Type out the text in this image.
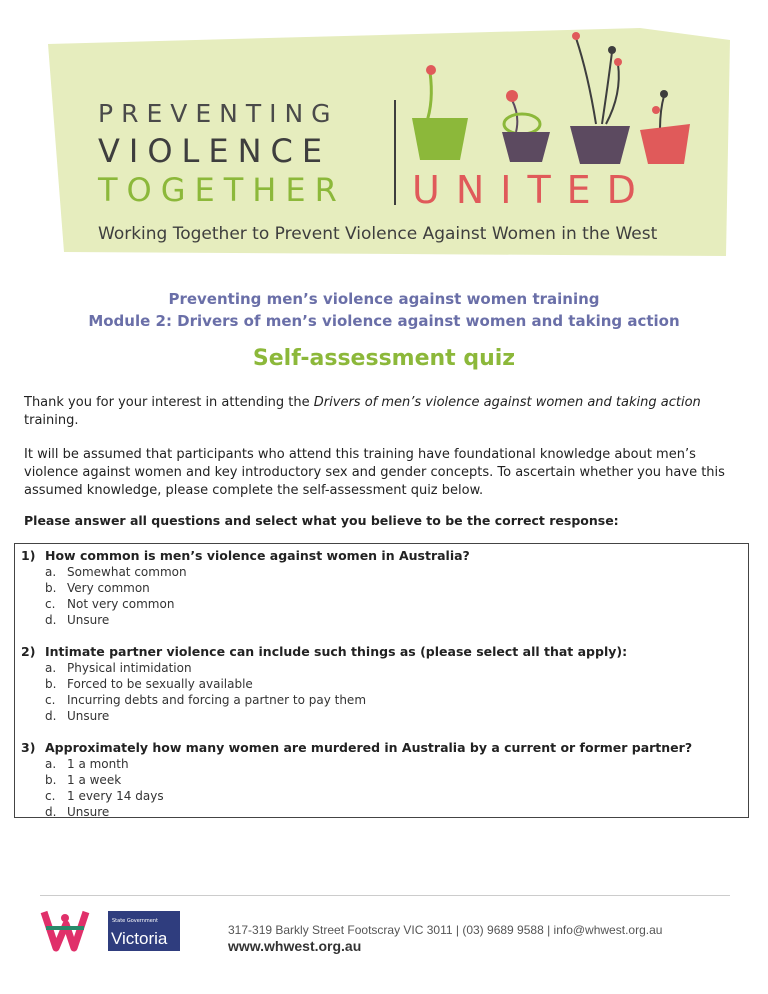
PREVENTING
VIOLENCE
TOGETHER UNITED
Working Together to Prevent Violence Against Women in the West
Preventing men’s violence against women training
Module 2: Drivers of men’s violence against women and taking action
Self-assessment quiz
Thank you for your interest in attending the Drivers of men’s violence against women and taking action training.
It will be assumed that participants who attend this training have foundational knowledge about men’s violence against women and key introductory sex and gender concepts. To ascertain whether you have this assumed knowledge, please complete the self-assessment quiz below.
Please answer all questions and select what you believe to be the correct response:
1) How common is men’s violence against women in Australia?
a. Somewhat common
b. Very common
c. Not very common
d. Unsure
2) Intimate partner violence can include such things as (please select all that apply):
a. Physical intimidation
b. Forced to be sexually available
c. Incurring debts and forcing a partner to pay them
d. Unsure
3) Approximately how many women are murdered in Australia by a current or former partner?
a. 1 a month
b. 1 a week
c. 1 every 14 days
d. Unsure
State Government
Victoria	317-319 Barkly Street Footscray VIC 3011 | (03) 9689 9588 | info@whwest.org.au
www.whwest.org.au
